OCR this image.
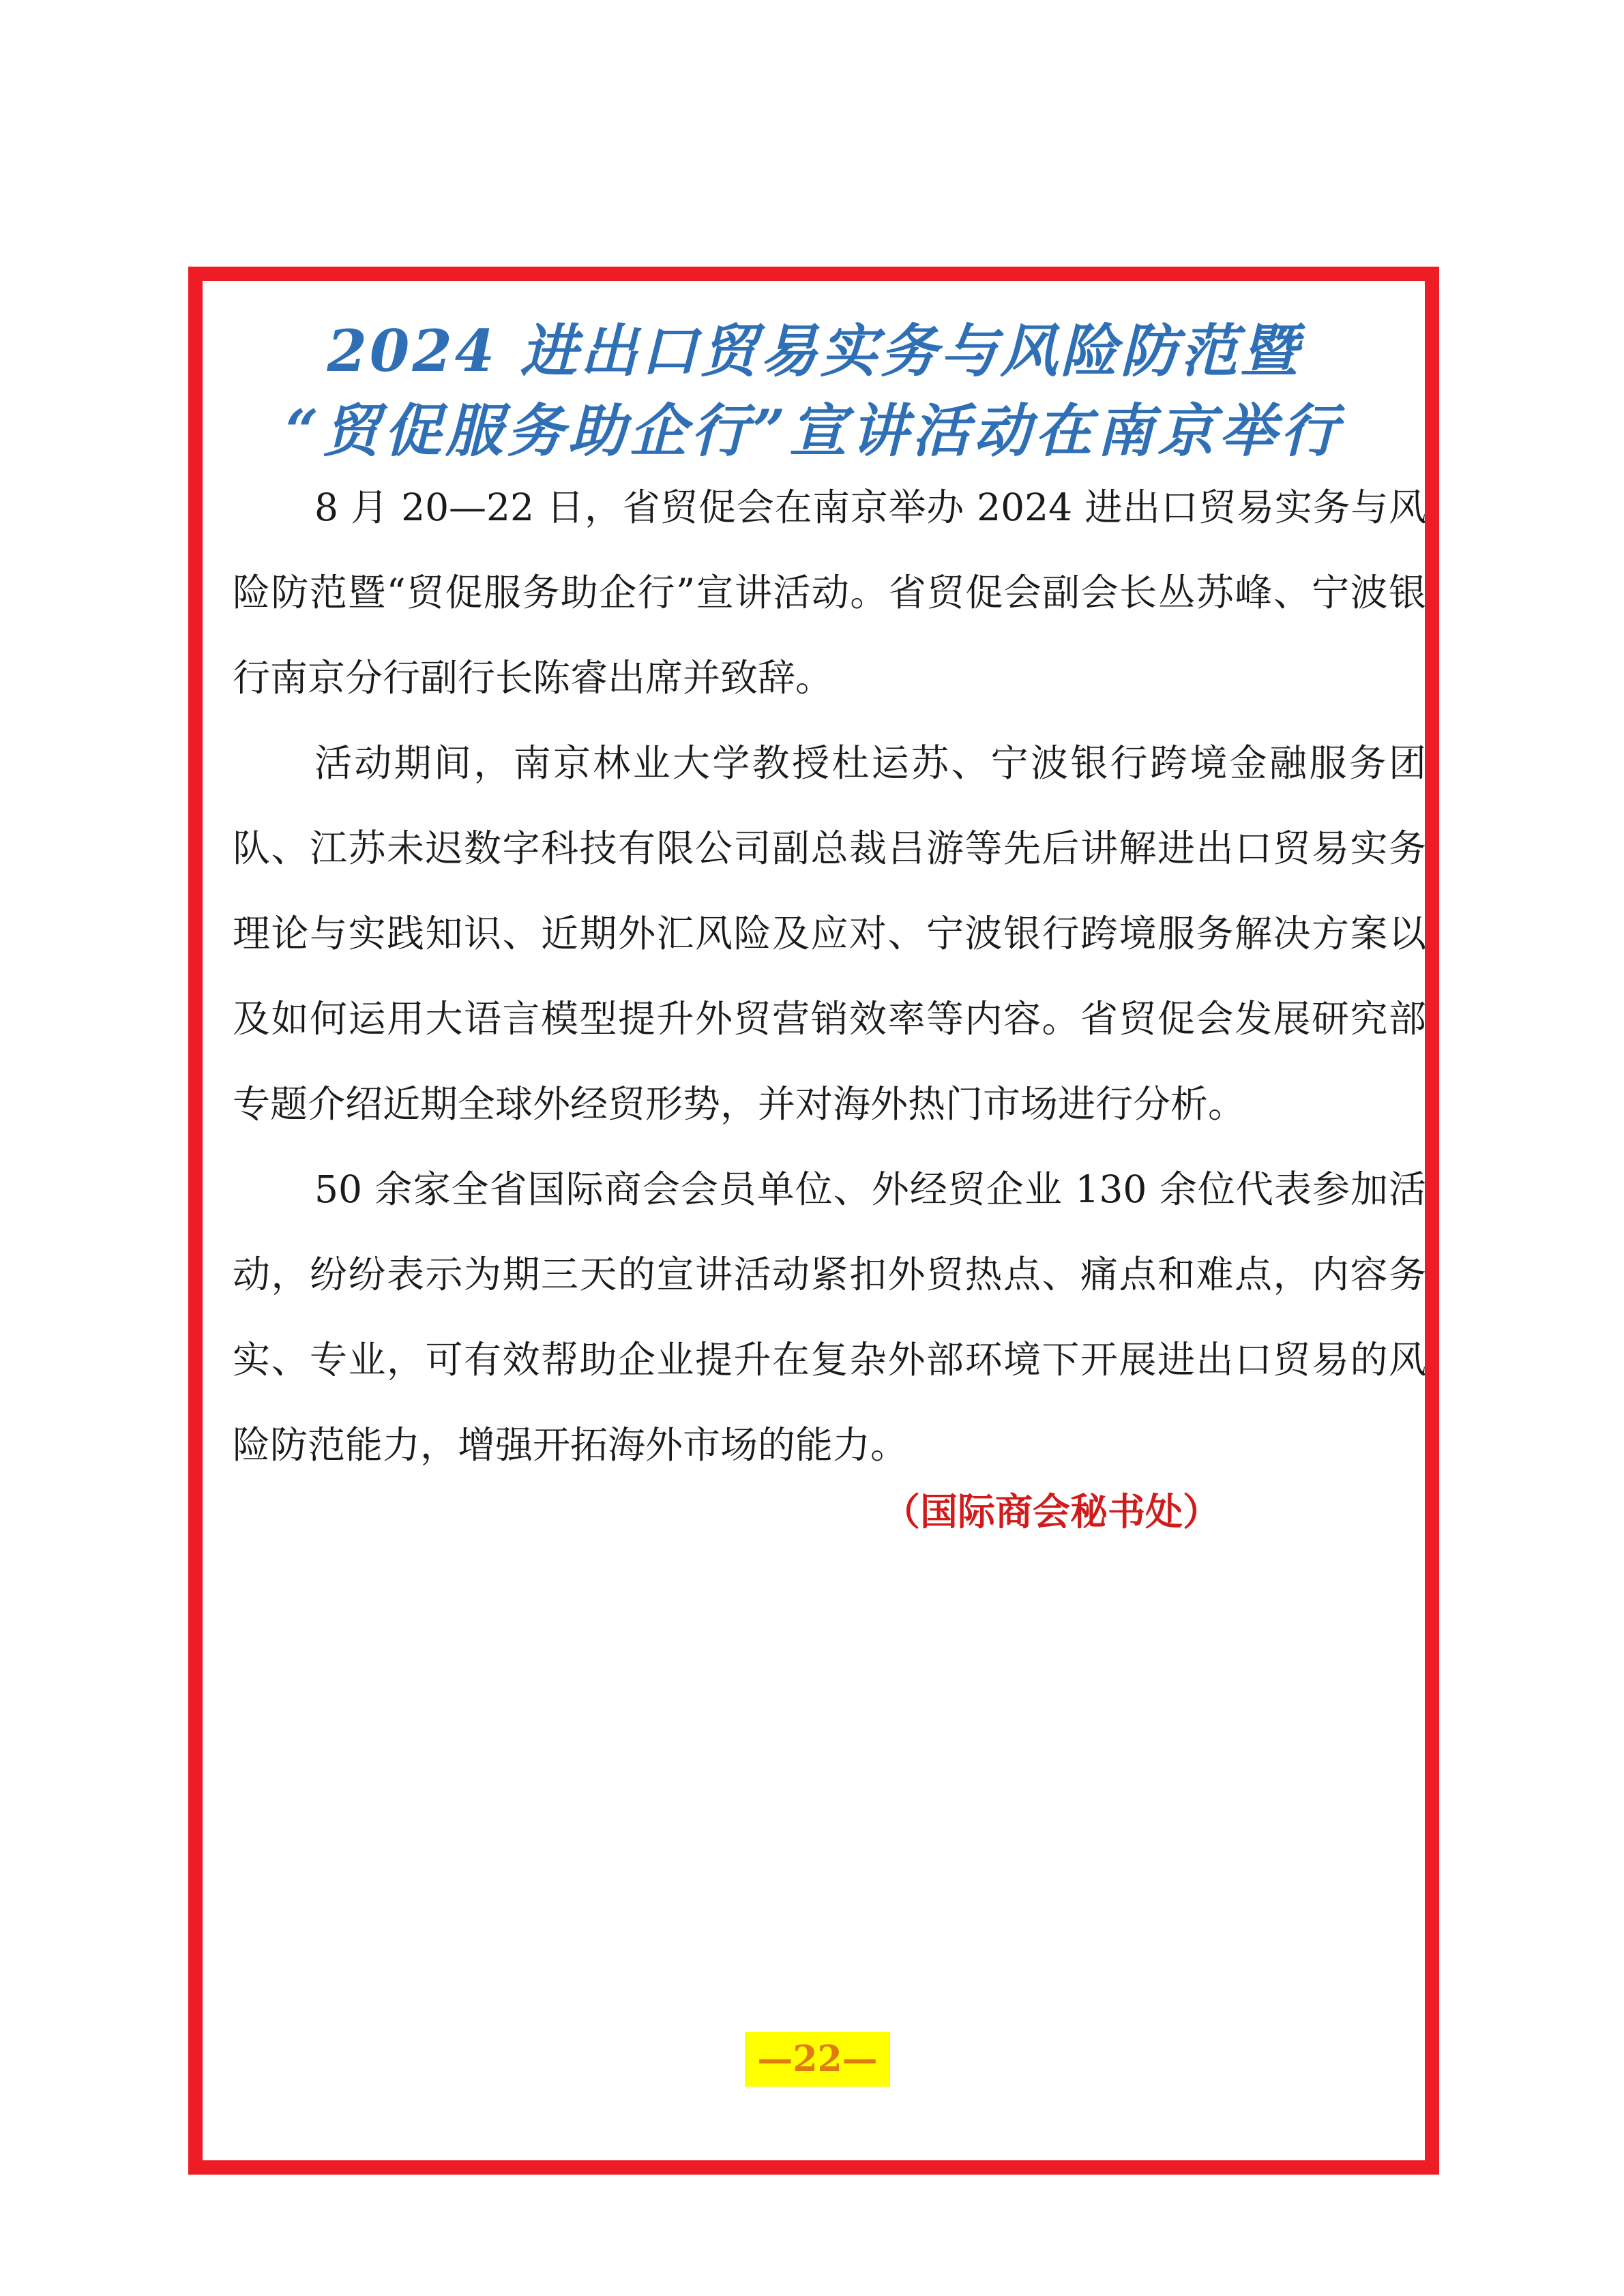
2024 进出口贸易实务与风险防范暨
“贸促服务助企行”宣讲活动在南京举行

8 月 20—22 日，省贸促会在南京举办 2024 进出口贸易实务与风险防范暨“贸促服务助企行”宣讲活动。省贸促会副会长丛苏峰、宁波银行南京分行副行长陈睿出席并致辞。

活动期间，南京林业大学教授杜运苏、宁波银行跨境金融服务团队、江苏未迟数字科技有限公司副总裁吕游等先后讲解进出口贸易实务理论与实践知识、近期外汇风险及应对、宁波银行跨境服务解决方案以及如何运用大语言模型提升外贸营销效率等内容。省贸促会发展研究部专题介绍近期全球外经贸形势，并对海外热门市场进行分析。

50 余家全省国际商会会员单位、外经贸企业 130 余位代表参加活动，纷纷表示为期三天的宣讲活动紧扣外贸热点、痛点和难点，内容务实、专业，可有效帮助企业提升在复杂外部环境下开展进出口贸易的风险防范能力，增强开拓海外市场的能力。

（国际商会秘书处）
—22—
